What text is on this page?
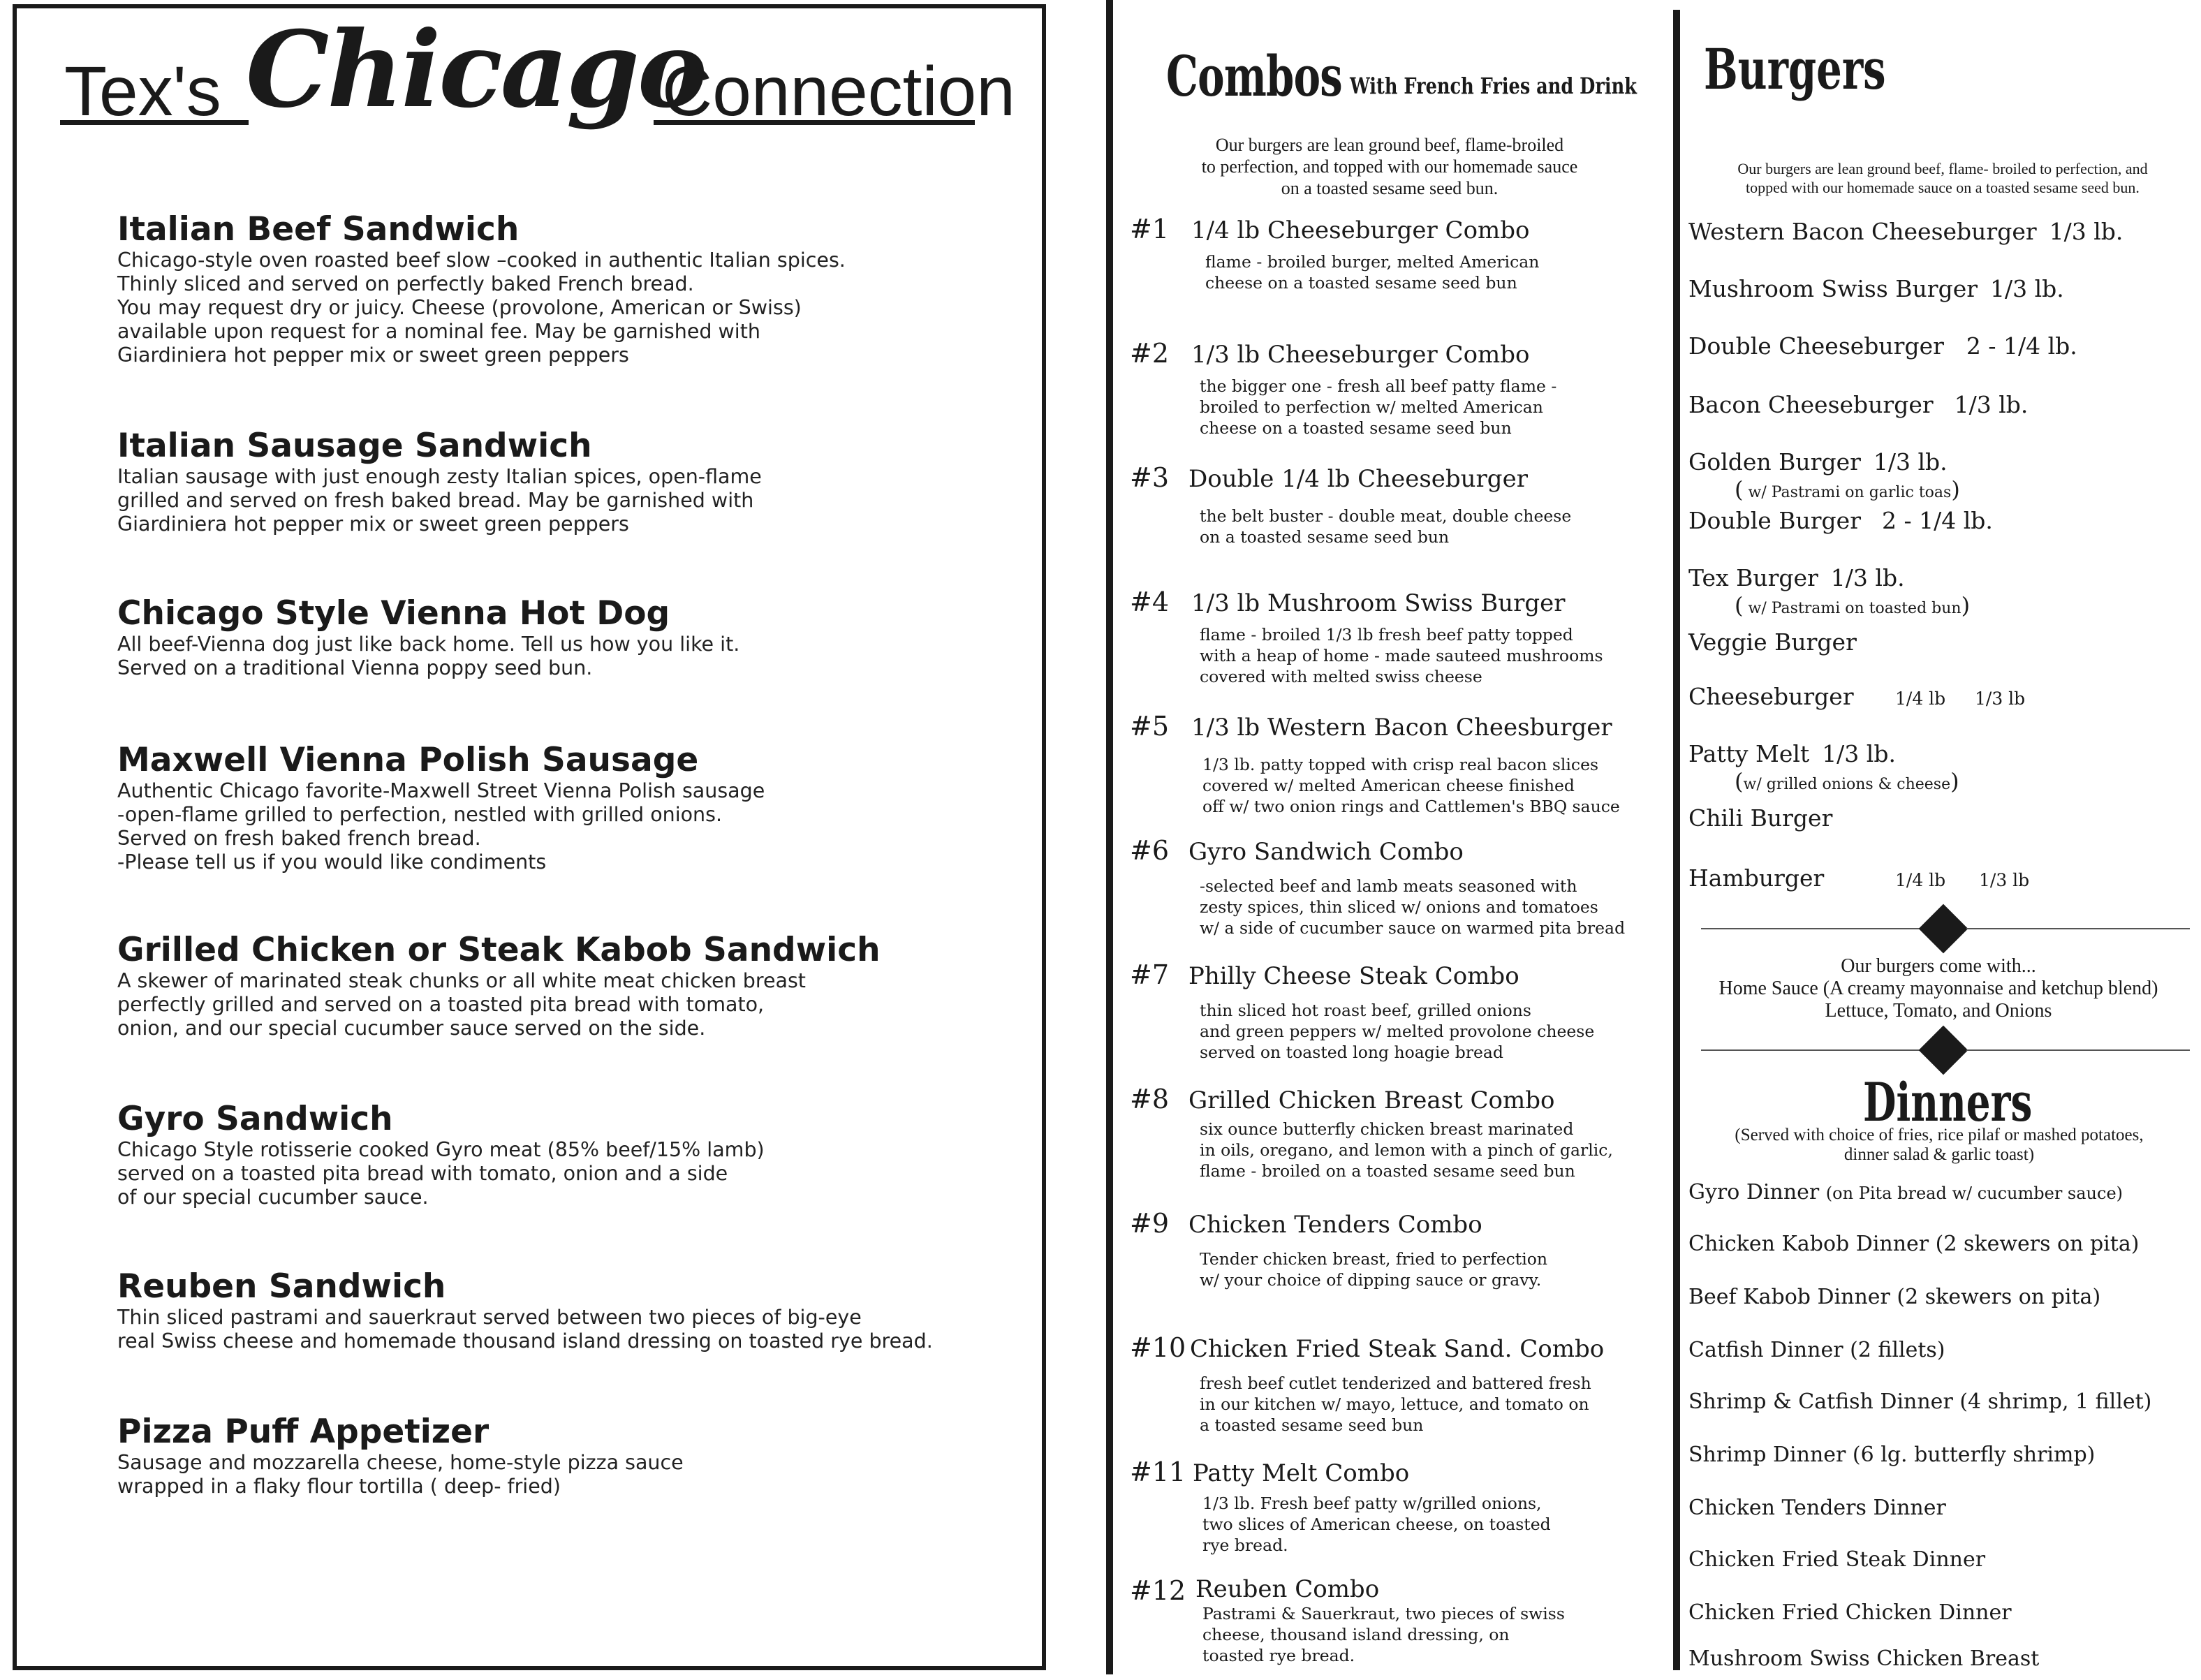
Tex's Chicago
Connection
Italian Beef Sandwich
Chicago-style oven roasted beef slow –cooked in authentic Italian spices.
Thinly sliced and served on perfectly baked French bread.
You may request dry or juicy. Cheese (provolone, American or Swiss)
available upon request for a nominal fee. May be garnished with
Giardiniera hot pepper mix or sweet green peppers
Italian Sausage Sandwich
Italian sausage with just enough zesty Italian spices, open-flame
grilled and served on fresh baked bread. May be garnished with
Giardiniera hot pepper mix or sweet green peppers
Chicago Style Vienna Hot Dog
All beef-Vienna dog just like back home. Tell us how you like it.
Served on a traditional Vienna poppy seed bun.
Maxwell Vienna Polish Sausage
Authentic Chicago favorite-Maxwell Street Vienna Polish sausage
-open-flame grilled to perfection, nestled with grilled onions.
Served on fresh baked french bread.
-Please tell us if you would like condiments
Grilled Chicken or Steak Kabob Sandwich
A skewer of marinated steak chunks or all white meat chicken breast
perfectly grilled and served on a toasted pita bread with tomato,
onion, and our special cucumber sauce served on the side.
Gyro Sandwich
Chicago Style rotisserie cooked Gyro meat (85% beef/15% lamb)
served on a toasted pita bread with tomato, onion and a side
of our special cucumber sauce.
Reuben Sandwich
Thin sliced pastrami and sauerkraut served between two pieces of big-eye
real Swiss cheese and homemade thousand island dressing on toasted rye bread.
Pizza Puff Appetizer
Sausage and mozzarella cheese, home-style pizza sauce
wrapped in a flaky flour tortilla ( deep- fried)
Combos With French Fries and Drink
Our burgers are lean ground beef, flame-broiled
to perfection, and topped with our homemade sauce
on a toasted sesame seed bun.
#1 1/4 lb Cheeseburger Combo
flame - broiled burger, melted American
cheese on a toasted sesame seed bun
#2 1/3 lb Cheeseburger Combo
the bigger one - fresh all beef patty flame -
broiled to perfection w/ melted American
cheese on a toasted sesame seed bun
#3 Double 1/4 lb Cheeseburger
the belt buster - double meat, double cheese
on a toasted sesame seed bun
#4 1/3 lb Mushroom Swiss Burger
flame - broiled 1/3 lb fresh beef patty topped
with a heap of home - made sauteed mushrooms
covered with melted swiss cheese
#5 1/3 lb Western Bacon Cheesburger
1/3 lb. patty topped with crisp real bacon slices
covered w/ melted American cheese finished
off w/ two onion rings and Cattlemen's BBQ sauce
#6 Gyro Sandwich Combo
-selected beef and lamb meats seasoned with
zesty spices, thin sliced w/ onions and tomatoes
w/ a side of cucumber sauce on warmed pita bread
#7 Philly Cheese Steak Combo
thin sliced hot roast beef, grilled onions
and green peppers w/ melted provolone cheese
served on toasted long hoagie bread
#8 Grilled Chicken Breast Combo
six ounce butterfly chicken breast marinated
in oils, oregano, and lemon with a pinch of garlic,
flame - broiled on a toasted sesame seed bun
#9 Chicken Tenders Combo
Tender chicken breast, fried to perfection
w/ your choice of dipping sauce or gravy.
#10 Chicken Fried Steak Sand. Combo
fresh beef cutlet tenderized and battered fresh
in our kitchen w/ mayo, lettuce, and tomato on
a toasted sesame seed bun
#11 Patty Melt Combo
1/3 lb. Fresh beef patty w/grilled onions,
two slices of American cheese, on toasted
rye bread.
#12 Reuben Combo
Pastrami & Sauerkraut, two pieces of swiss
cheese, thousand island dressing, on
toasted rye bread.
Burgers
Our burgers are lean ground beef, flame- broiled to perfection, and
topped with our homemade sauce on a toasted sesame seed bun.
Western Bacon Cheeseburger 1/3 lb.
Mushroom Swiss Burger 1/3 lb.
Double Cheeseburger 2 - 1/4 lb.
Bacon Cheeseburger 1/3 lb.
Golden Burger 1/3 lb.
( w/ Pastrami on garlic toas)
Double Burger 2 - 1/4 lb.
Tex Burger 1/3 lb.
( w/ Pastrami on toasted bun)
Veggie Burger
Cheeseburger 1/4 lb 1/3 lb
Patty Melt 1/3 lb.
(w/ grilled onions & cheese)
Chili Burger
Hamburger	1/4 lb 1/3 lb
Our burgers come with...
Home Sauce (A creamy mayonnaise and ketchup blend)
Lettuce, Tomato, and Onions
Dinners
(Served with choice of fries, rice pilaf or mashed potatoes,
dinner salad & garlic toast)
Gyro Dinner (on Pita bread w/ cucumber sauce)
Chicken Kabob Dinner (2 skewers on pita)
Beef Kabob Dinner (2 skewers on pita)
Catfish Dinner (2 fillets)
Shrimp & Catfish Dinner (4 shrimp, 1 fillet)
Shrimp Dinner (6 lg. butterfly shrimp)
Chicken Tenders Dinner
Chicken Fried Steak Dinner
Chicken Fried Chicken Dinner
Mushroom Swiss Chicken Breast
